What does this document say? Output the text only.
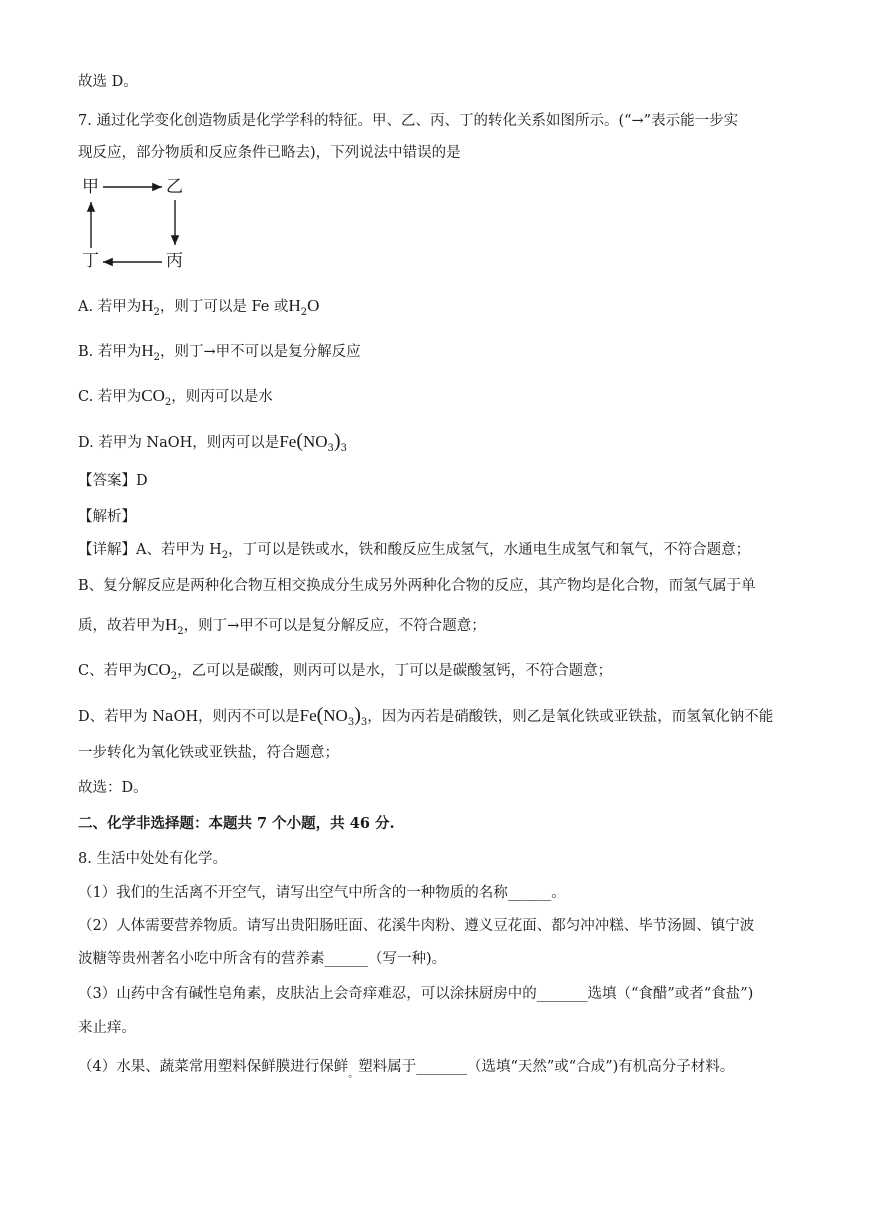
故选 D。
7. 通过化学变化创造物质是化学学科的特征。甲、乙、丙、丁的转化关系如图所示。(“→”表示能一步实
现反应，部分物质和反应条件已略去)，下列说法中错误的是
甲	乙
丙
丁
A. 若甲为$H_2$，则丁可以是 Fe 或$H_2O$
B. 若甲为$H_2$，则丁→甲不可以是复分解反应
C. 若甲为$CO_2$，则丙可以是水
D. 若甲为 NaOH，则丙可以是$Fe(NO_3)_3$
【答案】D
【解析】
【详解】A、若甲为 $H_2$，丁可以是铁或水，铁和酸反应生成氢气，水通电生成氢气和氧气，不符合题意；
B、复分解反应是两种化合物互相交换成分生成另外两种化合物的反应，其产物均是化合物，而氢气属于单
质，故若甲为$H_2$，则丁→甲不可以是复分解反应，不符合题意；
C、若甲为$CO_2$，乙可以是碳酸，则丙可以是水，丁可以是碳酸氢钙，不符合题意；
D、若甲为 NaOH，则丙不可以是$Fe(NO_3)_3$，因为丙若是硝酸铁，则乙是氧化铁或亚铁盐，而氢氧化钠不能
一步转化为氧化铁或亚铁盐，符合题意；
故选：D。
二、化学非选择题：本题共 7 个小题，共 46 分.
8. 生活中处处有化学。
（1）我们的生活离不开空气，请写出空气中所含的一种物质的名称______。
（2）人体需要营养物质。请写出贵阳肠旺面、花溪牛肉粉、遵义豆花面、都匀冲冲糕、毕节汤圆、镇宁波
波糖等贵州著名小吃中所含有的营养素______（写一种)。
（3）山药中含有碱性皂角素，皮肤沾上会奇痒难忍，可以涂抹厨房中的_______选填（“食醋”或者“食盐”)
来止痒。
（4）水果、蔬菜常用塑料保鲜膜进行保鲜$_。$塑料属于_______（选填“天然”或“合成”)有机高分子材料。
